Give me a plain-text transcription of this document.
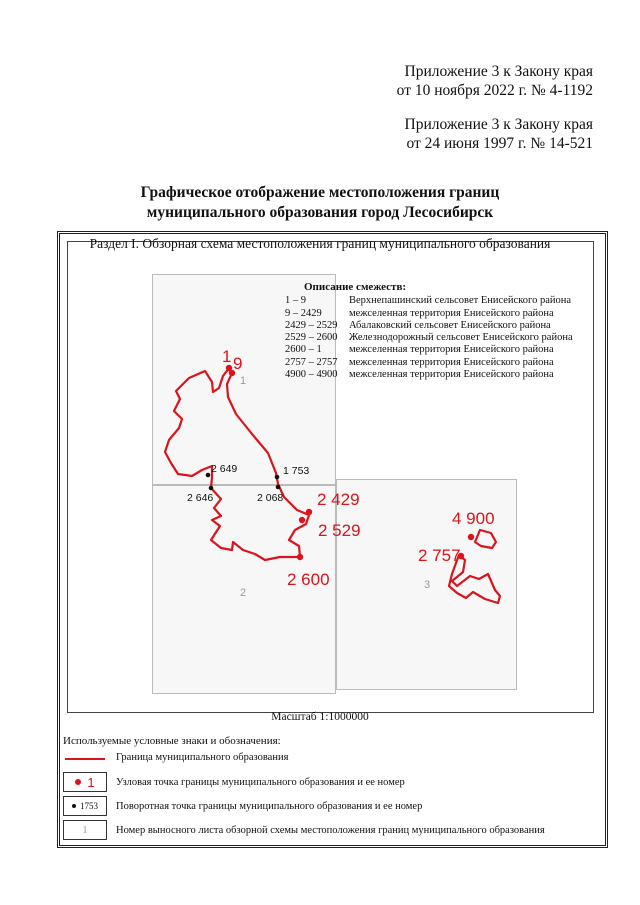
Приложение 3 к Закону края
от 10 ноября 2022 г. № 4-1192
Приложение 3 к Закону края
от 24 июня 1997 г. № 14-521
Графическое отображение местоположения границ
муниципального образования город Лесосибирск
Раздел I. Обзорная схема местоположения границ муниципального образования
Описание смежеств:
1 – 9	Верхнепашинский сельсовет Енисейского района
9 – 2429	межселенная территория Енисейского района
2429 – 2529	Абалаковский сельсовет Енисейского района
2529 – 2600	Железнодорожный сельсовет Енисейского района
2600 – 1	межселенная территория Енисейского района
2757 – 2757	межселенная территория Енисейского района
4900 – 4900	межселенная территория Енисейского района
1 9
2 429
2 529
2 600
4 900
2 757
2 649	1 753
2 646	2 068
1
2
3
Масштаб 1:1000000
Используемые условные знаки и обозначения:
Граница муниципального образования
1 Узловая точка границы муниципального образования и ее номер
1753 Поворотная точка границы муниципального образования и ее номер
1	Номер выносного листа обзорной схемы местоположения границ муниципального образования
